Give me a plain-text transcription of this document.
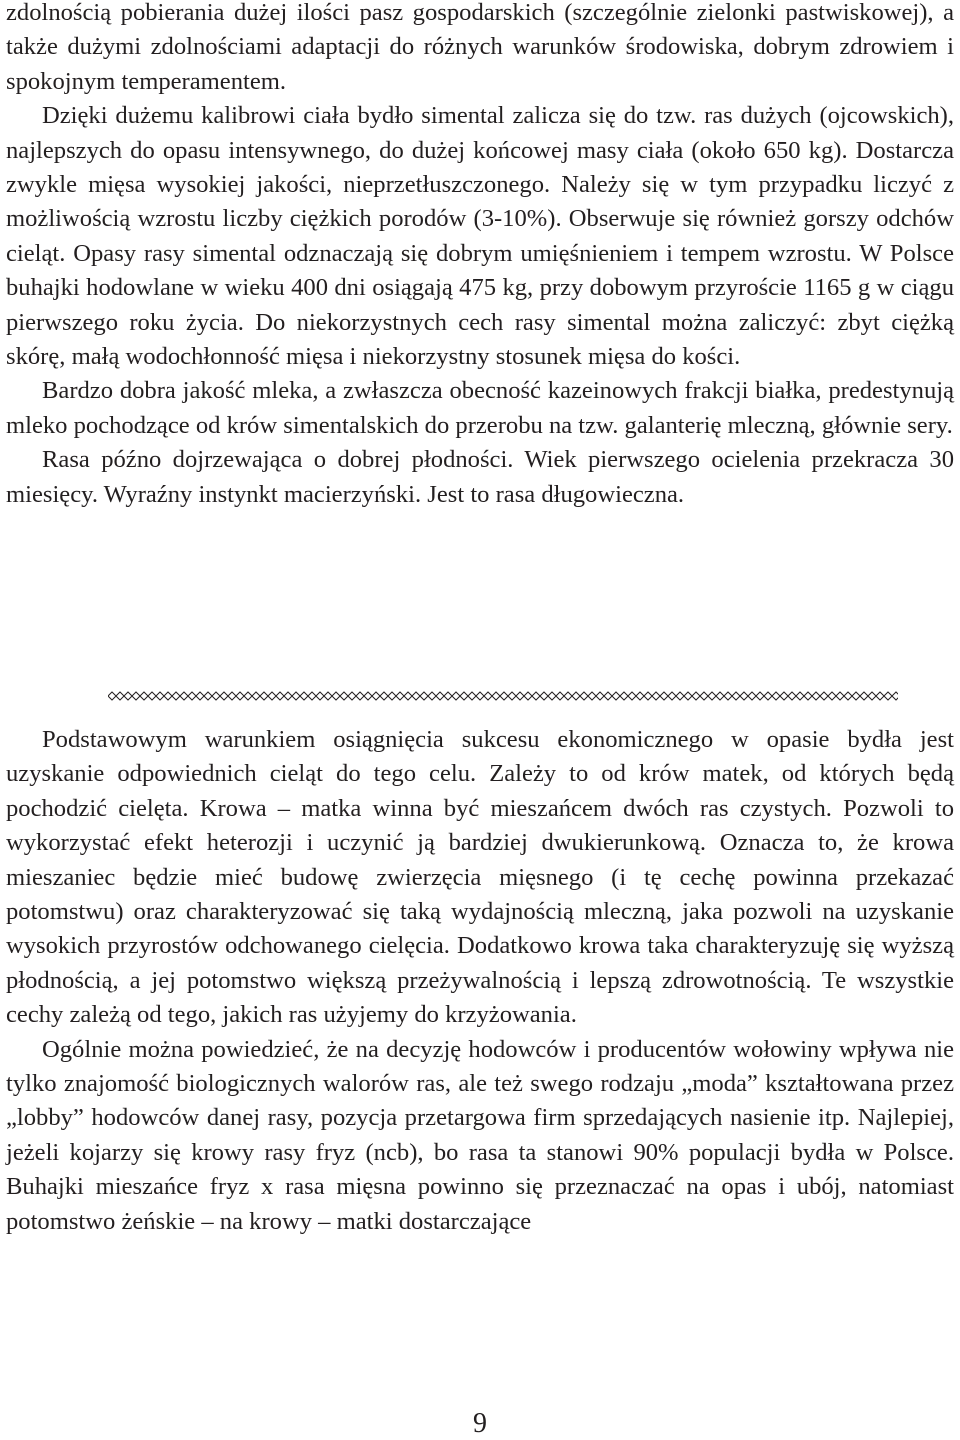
zdolnością pobierania dużej ilości pasz gospodarskich (szczególnie zielonki pastwiskowej), a także dużymi zdolnościami adaptacji do różnych warunków środowiska, dobrym zdrowiem i spokojnym temperamentem.

Dzięki dużemu kalibrowi ciała bydło simental zalicza się do tzw. ras dużych (ojcowskich), najlepszych do opasu intensywnego, do dużej końcowej masy ciała (około 650 kg). Dostarcza zwykle mięsa wysokiej jakości, nieprzetłuszczonego. Należy się w tym przypadku liczyć z możliwością wzrostu liczby ciężkich porodów (3-10%). Obserwuje się również gorszy odchów cieląt. Opasy rasy simental odznaczają się dobrym umięśnieniem i tempem wzrostu. W Polsce buhajki hodowlane w wieku 400 dni osiągają 475 kg, przy dobowym przyroście 1165 g w ciągu pierwszego roku życia. Do niekorzystnych cech rasy simental można zaliczyć: zbyt ciężką skórę, małą wodochłonność mięsa i niekorzystny stosunek mięsa do kości.

Bardzo dobra jakość mleka, a zwłaszcza obecność kazeinowych frakcji białka, predestynują mleko pochodzące od krów simentalskich do przerobu na tzw. galanterię mleczną, głównie sery.

Rasa późno dojrzewająca o dobrej płodności. Wiek pierwszego ocielenia przekracza 30 miesięcy. Wyraźny instynkt macierzyński. Jest to rasa długowieczna.

Podstawowym warunkiem osiągnięcia sukcesu ekonomicznego w opasie bydła jest uzyskanie odpowiednich cieląt do tego celu. Zależy to od krów matek, od których będą pochodzić cielęta. Krowa – matka winna być mieszańcem dwóch ras czystych. Pozwoli to wykorzystać efekt heterozji i uczynić ją bardziej dwukierunkową. Oznacza to, że krowa mieszaniec będzie mieć budowę zwierzęcia mięsnego (i tę cechę powinna przekazać potomstwu) oraz charakteryzować się taką wydajnością mleczną, jaka pozwoli na uzyskanie wysokich przyrostów odchowanego cielęcia. Dodatkowo krowa taka charakteryzuję się wyższą płodnością, a jej potomstwo większą przeżywalnością i lepszą zdrowotnością. Te wszystkie cechy zależą od tego, jakich ras użyjemy do krzyżowania.

Ogólnie można powiedzieć, że na decyzję hodowców i producentów wołowiny wpływa nie tylko znajomość biologicznych walorów ras, ale też swego rodzaju „moda” kształtowana przez „lobby” hodowców danej rasy, pozycja przetargowa firm sprzedających nasienie itp. Najlepiej, jeżeli kojarzy się krowy rasy fryz (ncb), bo rasa ta stanowi 90% populacji bydła w Polsce. Buhajki mieszańce fryz x rasa mięsna powinno się przeznaczać na opas i ubój, natomiast potomstwo żeńskie – na krowy – matki dostarczające

9
